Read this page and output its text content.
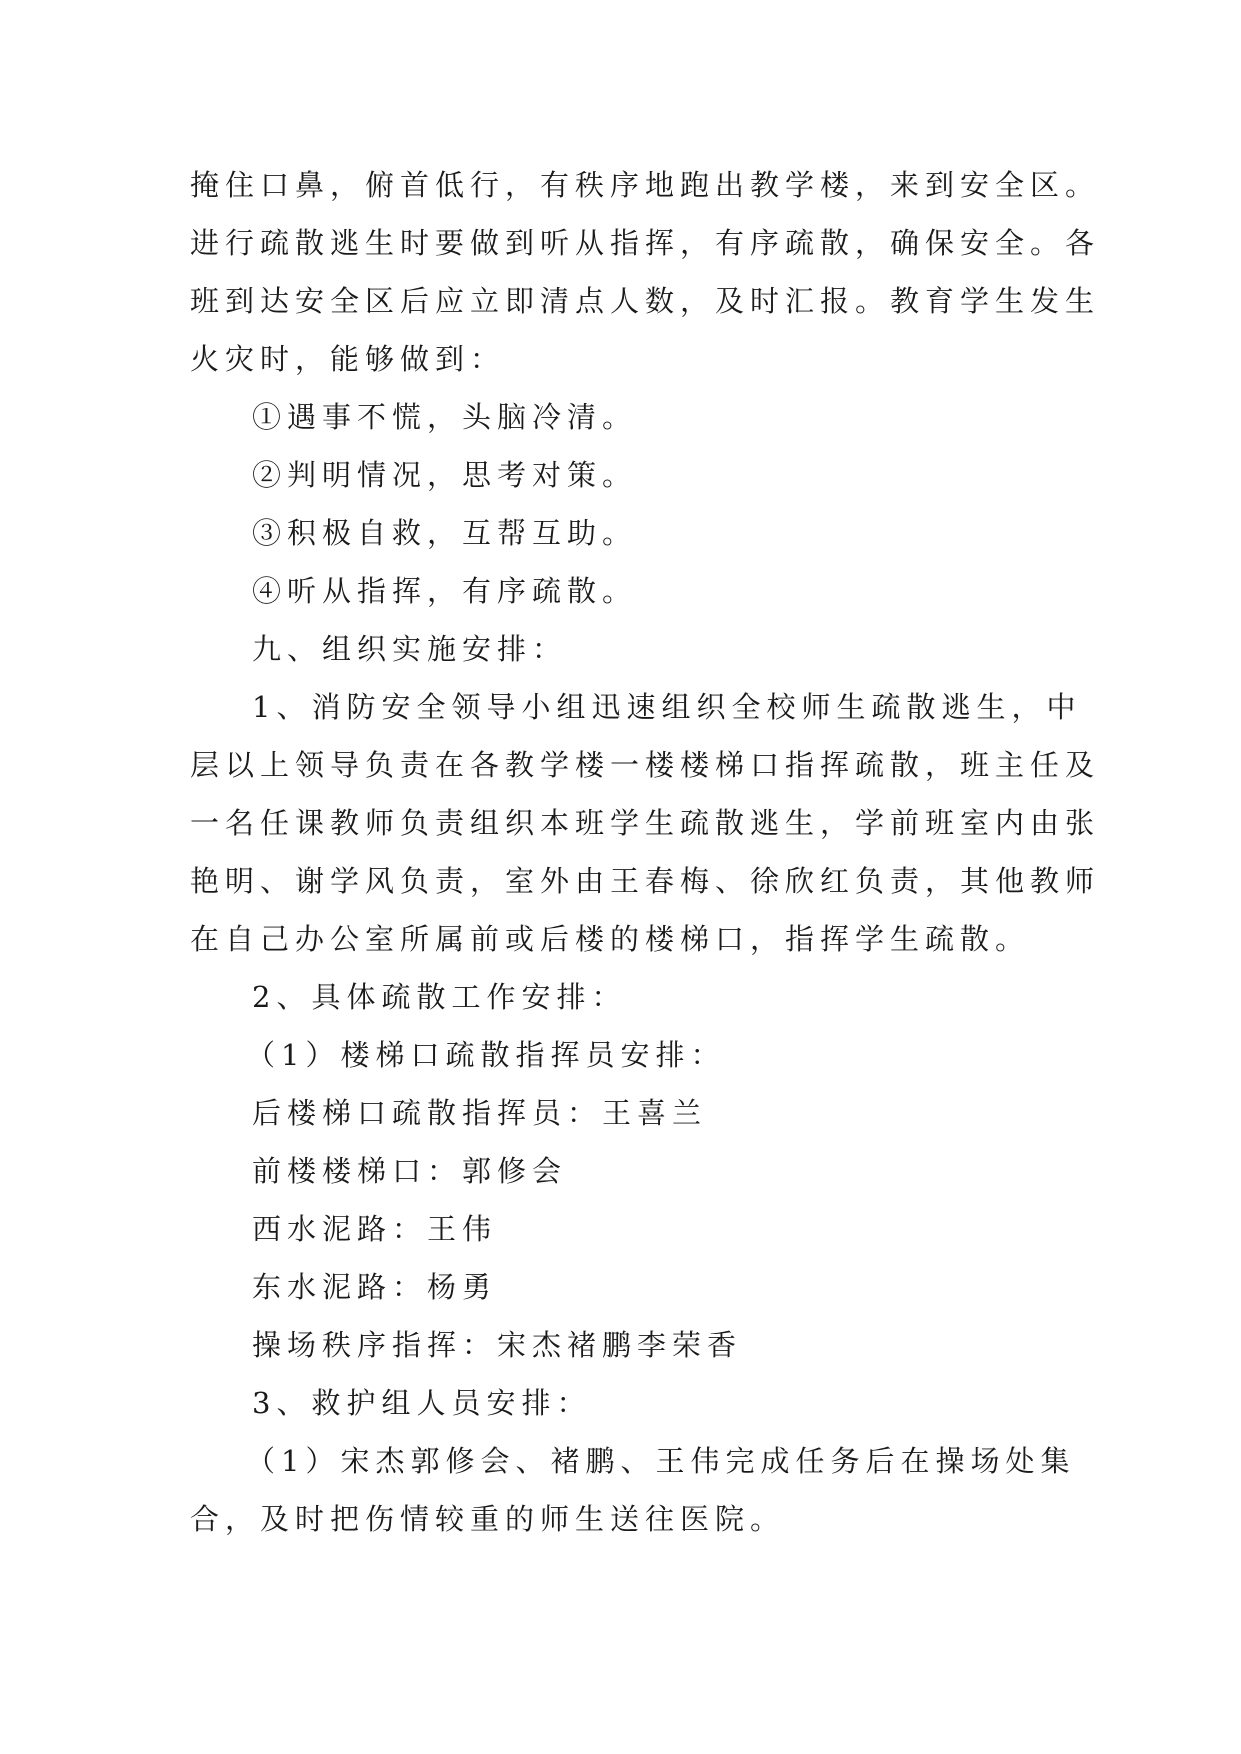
掩住口鼻，俯首低行，有秩序地跑出教学楼，来到安全区。

进行疏散逃生时要做到听从指挥，有序疏散，确保安全。各

班到达安全区后应立即清点人数，及时汇报。教育学生发生

火灾时，能够做到：

①遇事不慌，头脑冷清。

②判明情况，思考对策。

③积极自救，互帮互助。

④听从指挥，有序疏散。

九、组织实施安排：

1、消防安全领导小组迅速组织全校师生疏散逃生，中

层以上领导负责在各教学楼一楼楼梯口指挥疏散，班主任及

一名任课教师负责组织本班学生疏散逃生，学前班室内由张

艳明、谢学风负责，室外由王春梅、徐欣红负责，其他教师

在自己办公室所属前或后楼的楼梯口，指挥学生疏散。

2、具体疏散工作安排：

（1）楼梯口疏散指挥员安排：

后楼梯口疏散指挥员：王喜兰

前楼楼梯口：郭修会

西水泥路：王伟

东水泥路：杨勇

操场秩序指挥：宋杰褚鹏李荣香

3、救护组人员安排：

（1）宋杰郭修会、褚鹏、王伟完成任务后在操场处集

合，及时把伤情较重的师生送往医院。
